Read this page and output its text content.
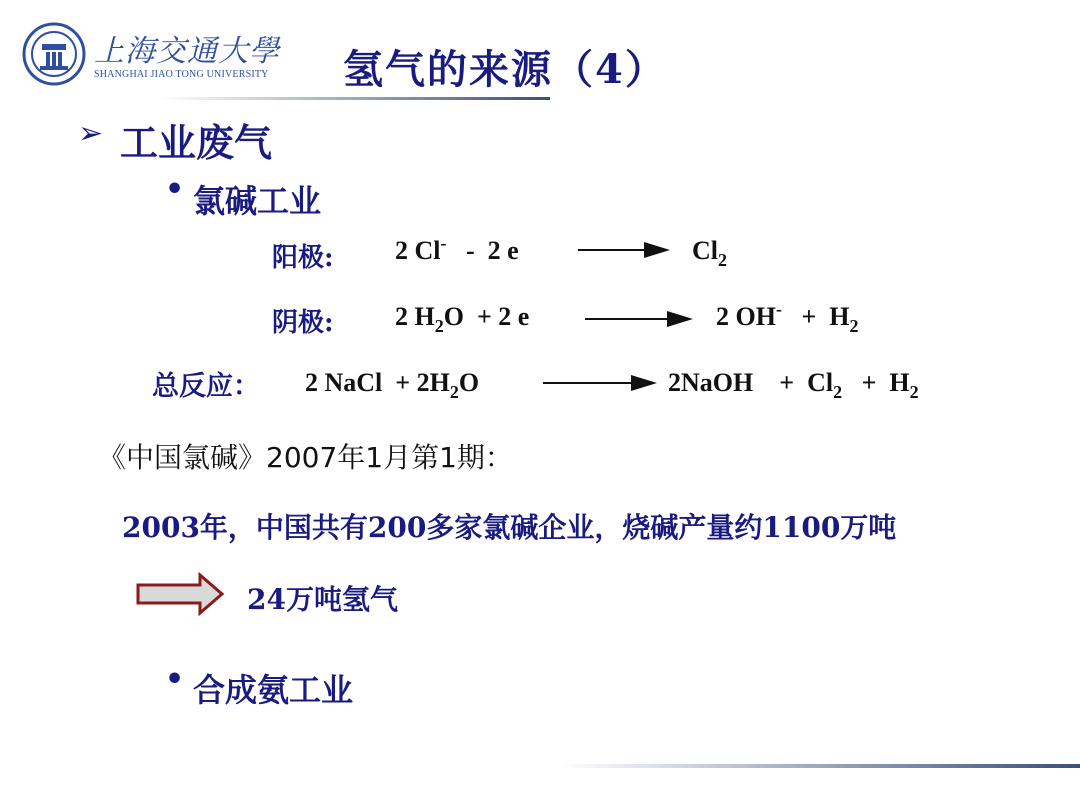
上海交通大學
SHANGHAI JIAO TONG UNIVERSITY 氢气的来源（4）
➢ 工业废气
• 氯碱工业
阳极: 2 Cl- - 2 e	$Cl_2$
阴极: 2 $H_2O + 2$ e	2 $OH^- + H_2$
总反应： 2 NaCl + $2H_2O$	2NaOH + $Cl_2 + H_2$
《中国氯碱》2007年1月第1期：
2003年，中国共有200多家氯碱企业，烧碱产量约1100万吨
24万吨氢气
• 合成氨工业
